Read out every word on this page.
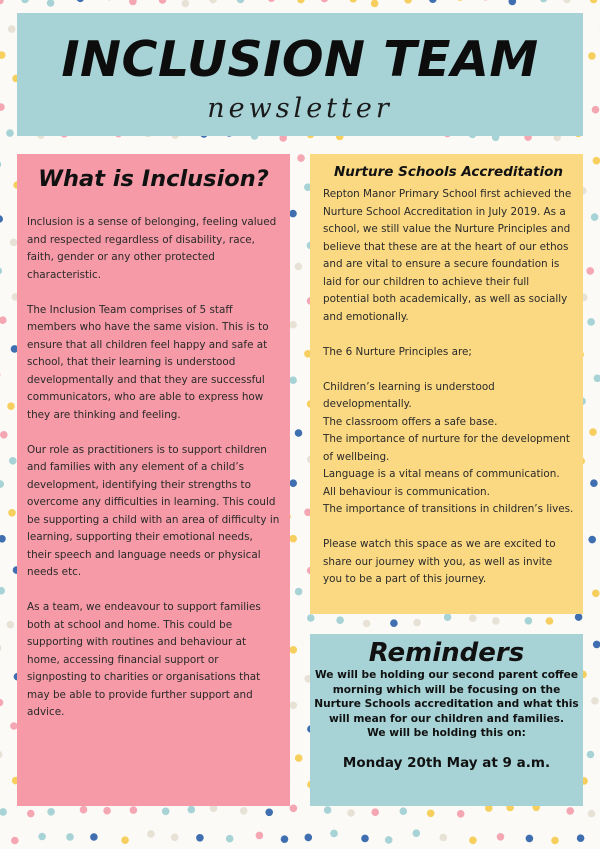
INCLUSION TEAM
newsletter
What is Inclusion?

Inclusion is a sense of belonging, feeling valued and respected regardless of disability, race, faith, gender or any other protected characteristic.

The Inclusion Team comprises of 5 staff members who have the same vision. This is to ensure that all children feel happy and safe at school, that their learning is understood developmentally and that they are successful communicators, who are able to express how they are thinking and feeling.

Our role as practitioners is to support children and families with any element of a child’s development, identifying their strengths to overcome any difficulties in learning. This could be supporting a child with an area of difficulty in learning, supporting their emotional needs, their speech and language needs or physical needs etc.

As a team, we endeavour to support families both at school and home. This could be supporting with routines and behaviour at home, accessing financial support or signposting to charities or organisations that may be able to provide further support and advice.

Nurture Schools Accreditation

Repton Manor Primary School first achieved the Nurture School Accreditation in July 2019. As a school, we still value the Nurture Principles and believe that these are at the heart of our ethos and are vital to ensure a secure foundation is laid for our children to achieve their full potential both academically, as well as socially and emotionally.

The 6 Nurture Principles are;

Children’s learning is understood developmentally.

The classroom offers a safe base.

The importance of nurture for the development of wellbeing.

Language is a vital means of communication.

All behaviour is communication.

The importance of transitions in children’s lives.

Please watch this space as we are excited to share our journey with you, as well as invite you to be a part of this journey.

Reminders

We will be holding our second parent coffee morning which will be focusing on the Nurture Schools accreditation and what this will mean for our children and families.

We will be holding this on:

Monday 20th May at 9 a.m.
